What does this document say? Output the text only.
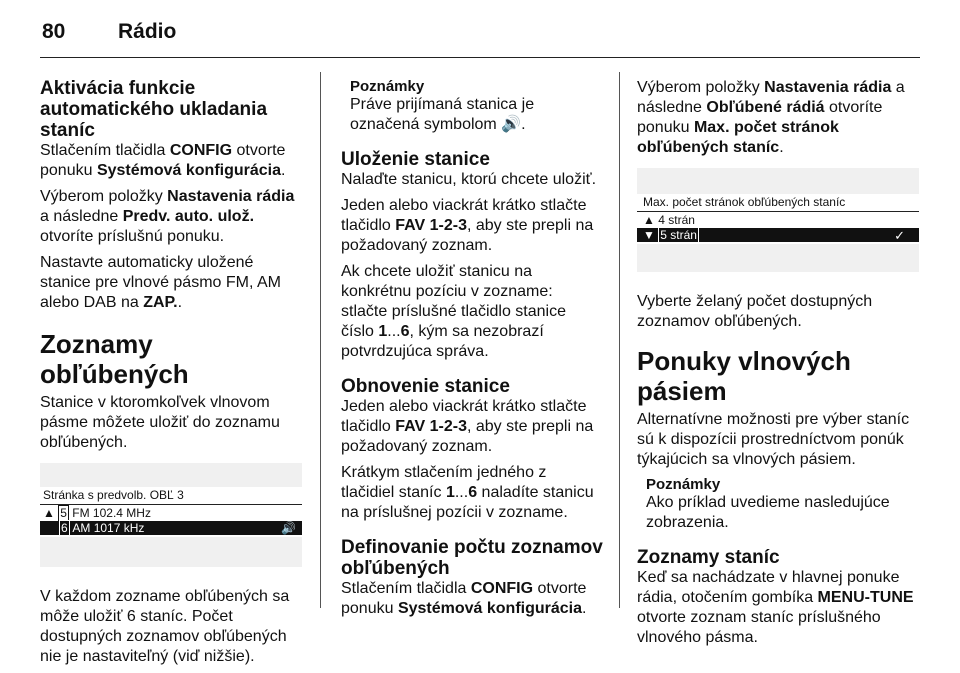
80	Rádio
Aktivácia funkcie automatického ukladania staníc

Stlačením tlačidla CONFIG otvorte ponuku Systémová konfigurácia.

Výberom položky Nastavenia rádia a následne Predv. auto. ulož. otvoríte príslušnú ponuku.

Nastavte automaticky uložené stanice pre vlnové pásmo FM, AM alebo DAB na ZAP..

Zoznamy obľúbených

Stanice v ktoromkoľvek vlnovom pásme môžete uložiť do zoznamu obľúbených.

Stránka s predvolb. OBĽ 3
▲ 5 FM 102.4 MHz
6 AM 1017 kHz	🔊

V každom zozname obľúbených sa môže uložiť 6 staníc. Počet dostupných zoznamov obľúbených nie je nastaviteľný (viď nižšie).

Poznámky

Práve prijímaná stanica je označená symbolom 🔊.

Uloženie stanice

Nalaďte stanicu, ktorú chcete uložiť.

Jeden alebo viackrát krátko stlačte tlačidlo FAV 1-2-3, aby ste prepli na požadovaný zoznam.

Ak chcete uložiť stanicu na konkrétnu pozíciu v zozname: stlačte príslušné tlačidlo stanice číslo 1...6, kým sa nezobrazí potvrdzujúca správa.

Obnovenie stanice

Jeden alebo viackrát krátko stlačte tlačidlo FAV 1-2-3, aby ste prepli na požadovaný zoznam.

Krátkym stlačením jedného z tlačidiel staníc 1...6 naladíte stanicu na príslušnej pozícii v zozname.

Definovanie počtu zoznamov obľúbených

Stlačením tlačidla CONFIG otvorte ponuku Systémová konfigurácia.

Výberom položky Nastavenia rádia a následne Obľúbené rádiá otvoríte ponuku Max. počet stránok obľúbených staníc.

Max. počet stránok obľúbených staníc
▲ 4 strán
▼ 5 strán	✓

Vyberte želaný počet dostupných zoznamov obľúbených.

Ponuky vlnových pásiem

Alternatívne možnosti pre výber staníc sú k dispozícii prostredníctvom ponúk týkajúcich sa vlnových pásiem.

Poznámky

Ako príklad uvedieme nasledujúce zobrazenia.

Zoznamy staníc

Keď sa nachádzate v hlavnej ponuke rádia, otočením gombíka MENU-TUNE otvorte zoznam staníc príslušného vlnového pásma.
